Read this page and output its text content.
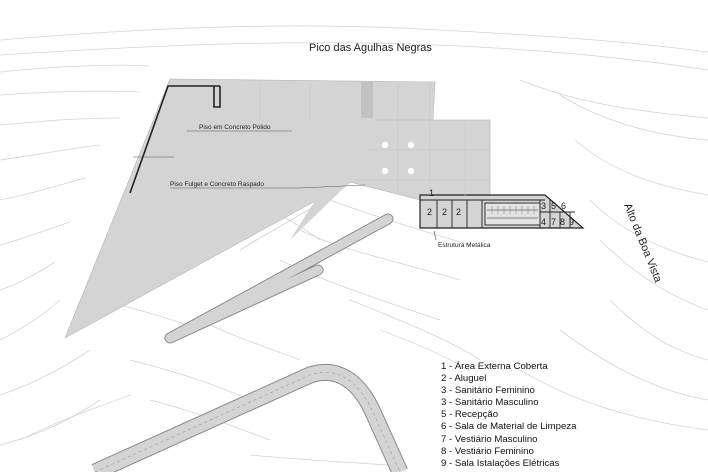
1
2 2 2
3 5 6
4 7 8 9
Pico das Agulhas Negras
Alto da Boa Vista
Piso em Concreto Polido
Piso Fulget e Concreto Raspado
Estrutura Metálica
1 - Área Externa Coberta
2 - Aluguel
3 - Sanitário Feminino
3 - Sanitário Masculino
5 - Recepção
6 - Sala de Material de Limpeza
7 - Vestiário Masculino
8 - Vestiário Feminino
9 - Sala Istalações Elétricas
